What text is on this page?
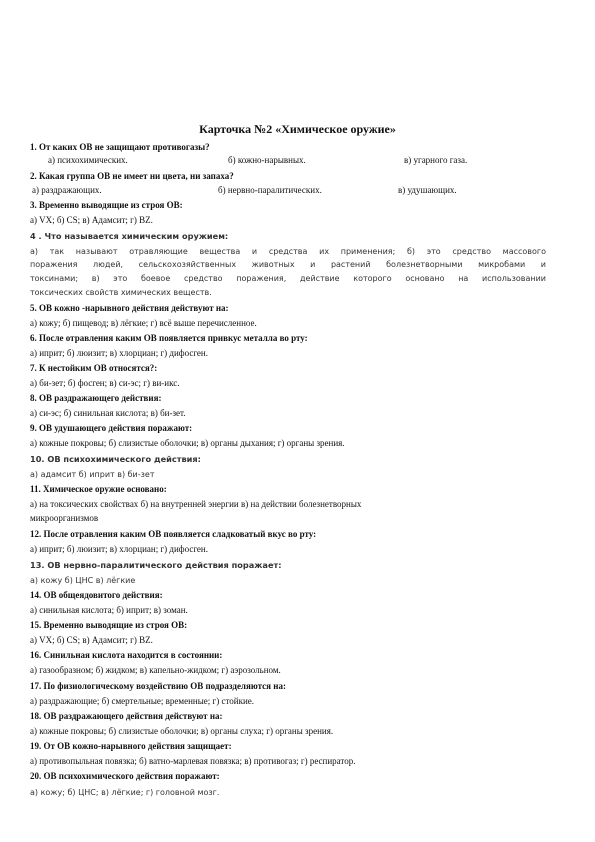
Карточка №2 «Химическое оружие»
1. От каких ОВ не защищают противогазы?
а) психохимических.	б) кожно-нарывных.	в) угарного газа.
2. Какая группа ОВ не имеет ни цвета, ни запаха?
а) раздражающих.	б) нервно-паралитических.	в) удушающих.
3. Временно выводящие из строя ОВ:
a) VX; б) CS; в) Адамсит; г) BZ.
4 . Что называется химическим оружием:
а) так называют отравляющие вещества и средства их применения; б) это средство массового
поражения людей, сельскохозяйственных животных и растений болезнетворными микробами и
токсинами; в) это боевое средство поражения, действие которого основано на использовании
токсических свойств химических веществ.
5. ОВ кожно -нарывного действия действуют на:
а) кожу; б) пищевод; в) лёгкие; г) всё выше перечисленное.
6. После отравления каким ОВ появляется привкус металла во рту:
а) иприт; б) люизит; в) хлорциан; г) дифосген.
7. К нестойким ОВ относятся?:
а) би-зет; б) фосген; в) си-эс; г) ви-икс.
8. ОВ раздражающего действия:
а) си-эс; б) синильная кислота; в) би-зет.
9. ОВ удушающего действия поражают:
а) кожные покровы; б) слизистые оболочки; в) органы дыхания; г) органы зрения.
10. ОВ психохимического действия:
а) адамсит б) иприт в) би-зет
11. Химическое оружие основано:
а) на токсических свойствах б) на внутренней энергии в) на действии болезнетворных
микроорганизмов
12. После отравления каким ОВ появляется сладковатый вкус во рту:
а) иприт; б) люизит; в) хлорциан; г) дифосген.
13. ОВ нервно-паралитического действия поражает:
а) кожу б) ЦНС в) лёгкие
14. ОВ общеядовитого действия:
а) синильная кислота; б) иприт; в) зоман.
15. Временно выводящие из строя ОВ:
a) VX; б) CS; в) Адамсит; г) BZ.
16. Синильная кислота находится в состоянии:
а) газообразном; б) жидком; в) капельно-жидком; г) аэрозольном.
17. По физиологическому воздействию ОВ подразделяются на:
а) раздражающие; б) смертельные; временные; г) стойкие.
18. ОВ раздражающего действия действуют на:
а) кожные покровы; б) слизистые оболочки; в) органы слуха; г) органы зрения.
19. От ОВ кожно-нарывного действия защищает:
а) противопыльная повязка; б) ватно-марлевая повязка; в) противогаз; г) респиратор.
20. ОВ психохимического действия поражают:
а) кожу; б) ЦНС; в) лёгкие; г) головной мозг.
